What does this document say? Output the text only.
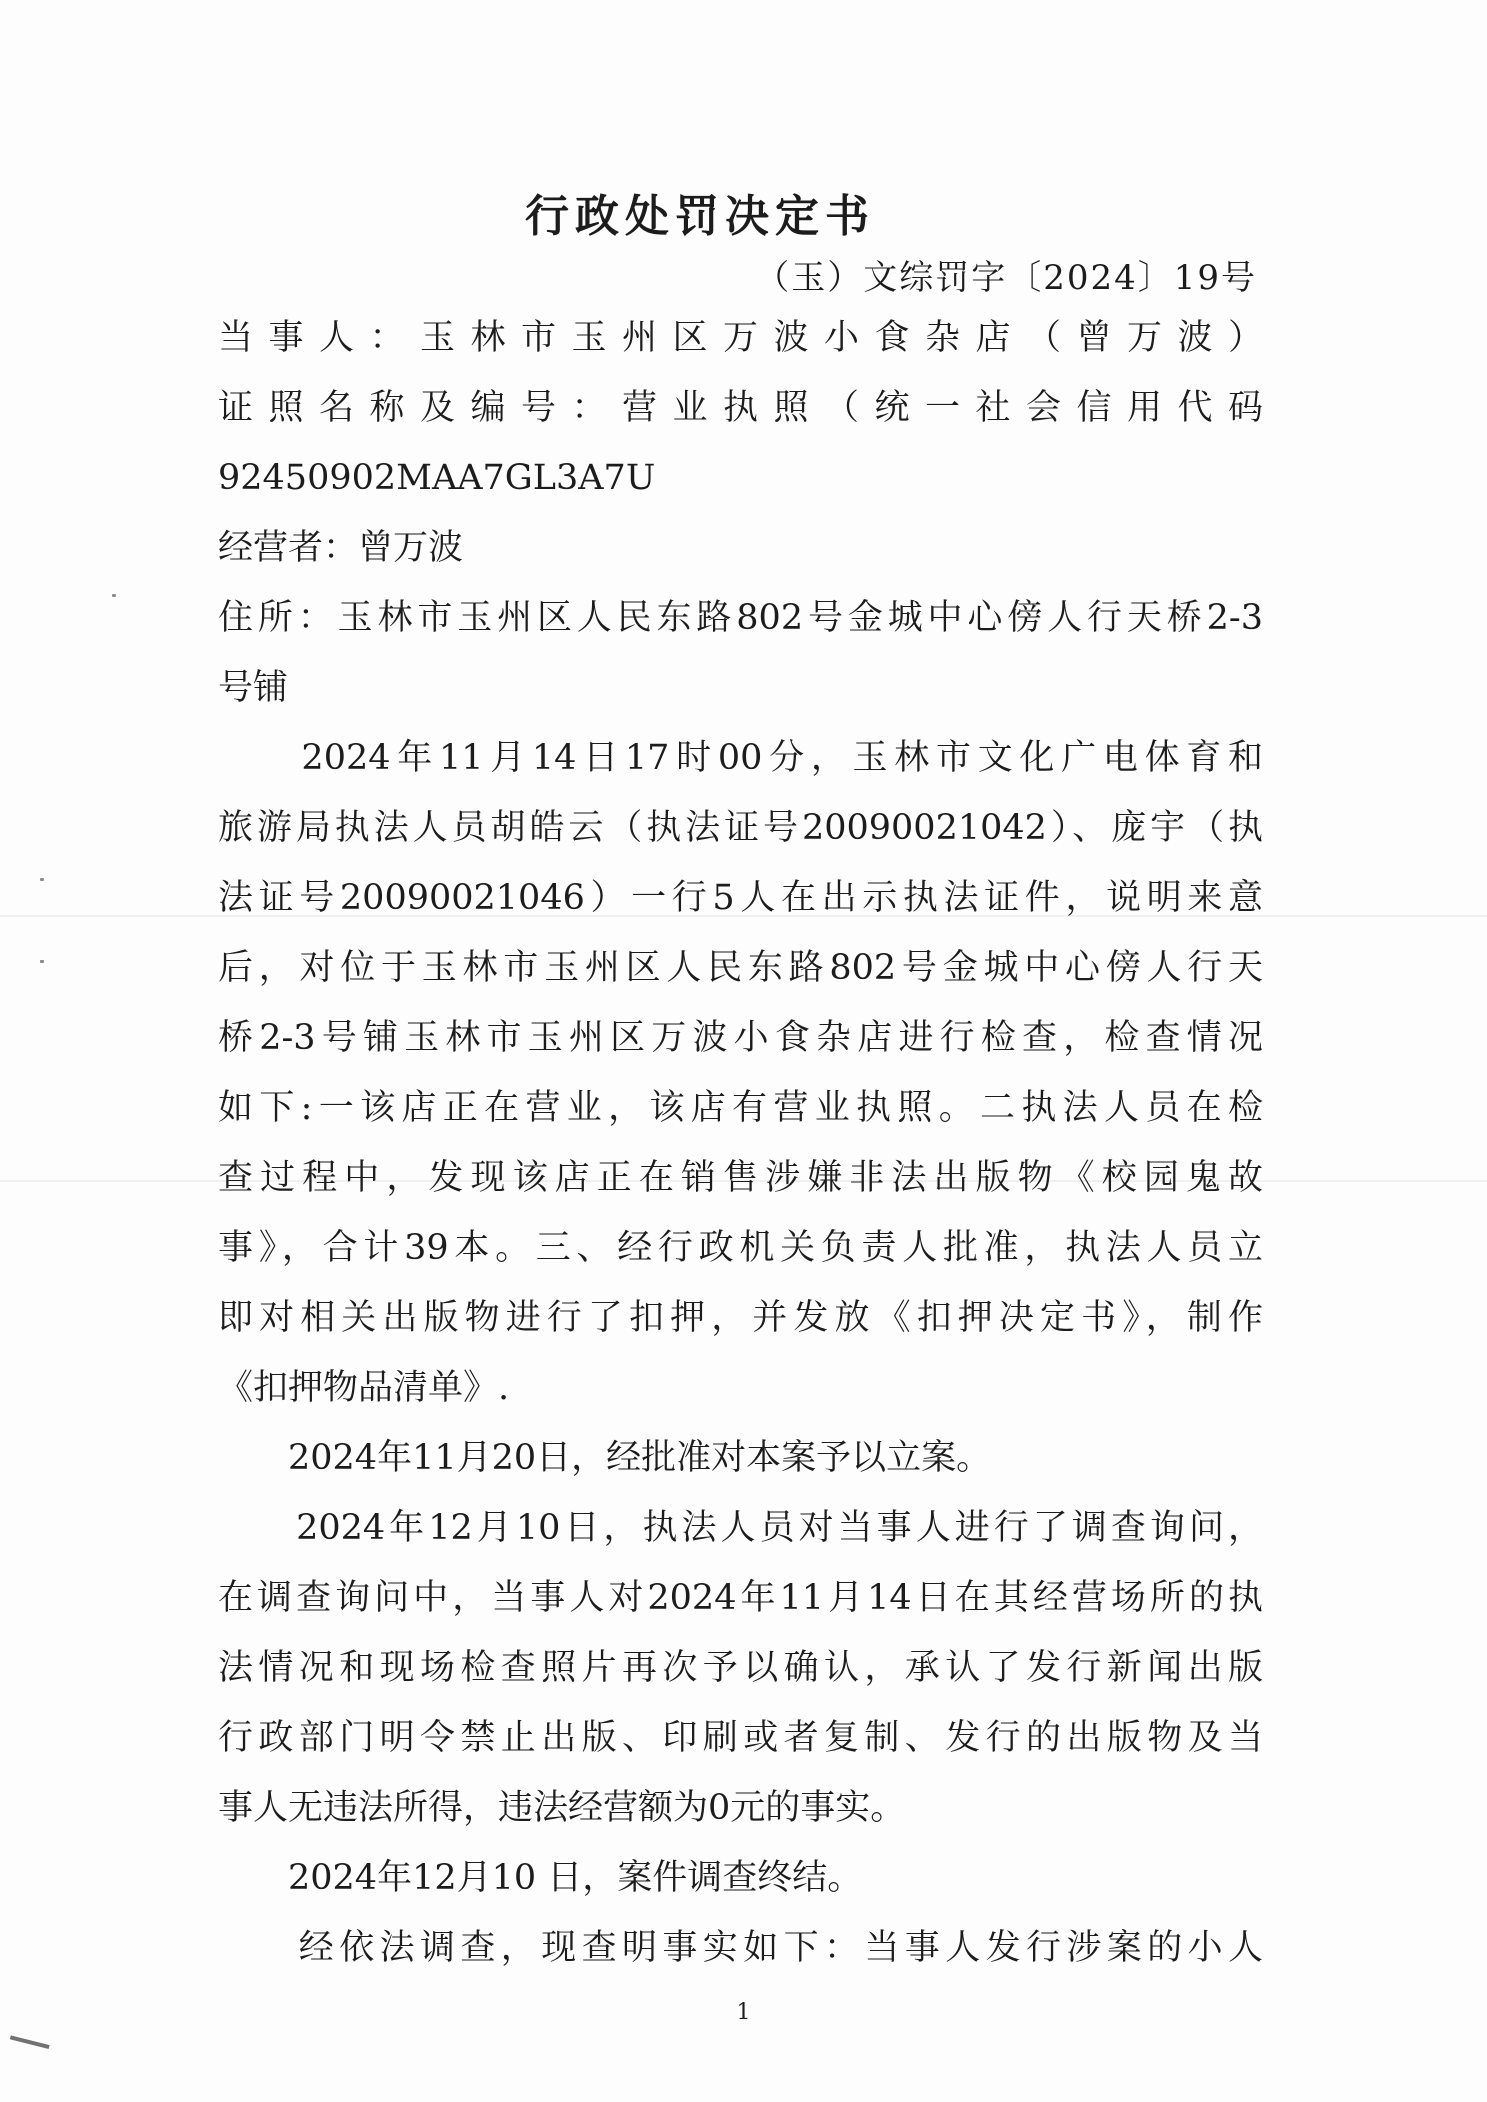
行政处罚决定书
（玉）文综罚字〔2024〕19号
当事人：玉林市玉州区万波小食杂店（曾万波）
证照名称及编号：营业执照（统一社会信用代码
92450902MAA7GL3A7U
经营者：曾万波
住所：玉林市玉州区人民东路802号金城中心傍人行天桥2-3
号铺
　　2024年11月14日17时00分，玉林市文化广电体育和
旅游局执法人员胡皓云（执法证号20090021042）、庞宇（执
法证号20090021046）一行5人在出示执法证件，说明来意
后，对位于玉林市玉州区人民东路802号金城中心傍人行天
桥2-3号铺玉林市玉州区万波小食杂店进行检查，检查情况
如下:一该店正在营业，该店有营业执照。二执法人员在检
查过程中，发现该店正在销售涉嫌非法出版物《校园鬼故
事》，合计39本。三、经行政机关负责人批准，执法人员立
即对相关出版物进行了扣押，并发放《扣押决定书》，制作
《扣押物品清单》.
　　2024年11月20日，经批准对本案予以立案。
　　2024年12月10日，执法人员对当事人进行了调查询问，
在调查询问中，当事人对2024年11月14日在其经营场所的执
法情况和现场检查照片再次予以确认，承认了发行新闻出版
行政部门明令禁止出版、印刷或者复制、发行的出版物及当
事人无违法所得，违法经营额为0元的事实。
　　2024年12月10 日，案件调查终结。
　　经依法调查，现查明事实如下：当事人发行涉案的小人
1
